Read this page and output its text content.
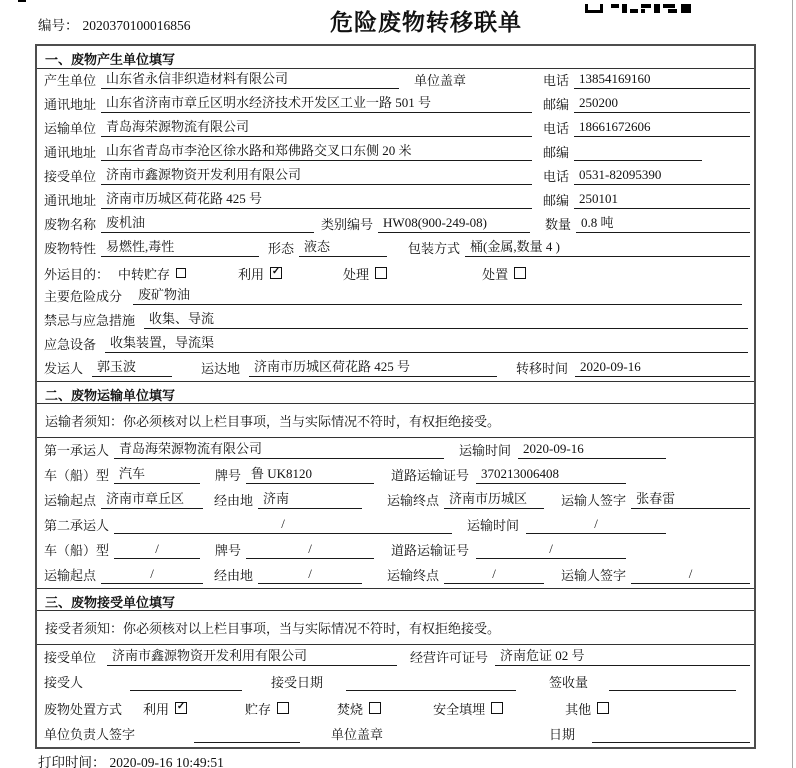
编号： 2020370100016856	危险废物转移联单
一、废物产生单位填写
产生单位 山东省永信非织造材料有限公司	单位盖章	电话 13854169160
通讯地址 山东省济南市章丘区明水经济技术开发区工业一路 501 号	邮编 250200
运输单位 青岛海荣源物流有限公司	电话 18661672606
通讯地址 山东省青岛市李沧区徐水路和郑佛路交叉口东侧 20 米	邮编
接受单位 济南市鑫源物资开发利用有限公司	电话 0531-82095390
通讯地址 济南市历城区荷花路 425 号	邮编 250101
废物名称 废机油	类别编号 HW08(900-249-08)	数量 0.8 吨
废物特性 易燃性,毒性	形态 液态	包装方式 桶(金属,数量 4 )
外运目的： 中转贮存	利用 ✓	处理	处置
主要危险成分	废矿物油
禁忌与应急措施	收集、导流
应急设备	收集装置，导流渠
发运人	郭玉波	运达地	济南市历城区荷花路 425 号	转移时间 2020-09-16
二、废物运输单位填写
运输者须知：你必须核对以上栏目事项，当与实际情况不符时，有权拒绝接受。
第一承运人 青岛海荣源物流有限公司	运输时间 2020-09-16
车（船）型 汽车	牌号 鲁 UK8120	道路运输证号 370213006408
运输起点 济南市章丘区	经由地 济南	运输终点 济南市历城区	运输人签字 张春雷
第二承运人	/	运输时间	/
车（船）型	/	牌号	/	道路运输证号	/
运输起点	/	经由地	/	运输终点	/	运输人签字	/
三、废物接受单位填写
接受者须知：你必须核对以上栏目事项，当与实际情况不符时，有权拒绝接受。
接受单位	济南市鑫源物资开发利用有限公司	经营许可证号 济南危证 02 号
接受人	接受日期	签收量
废物处置方式 利用 ✓	贮存	焚烧	安全填埋	其他
单位负责人签字	单位盖章	日期
打印时间： 2020-09-16 10:49:51
